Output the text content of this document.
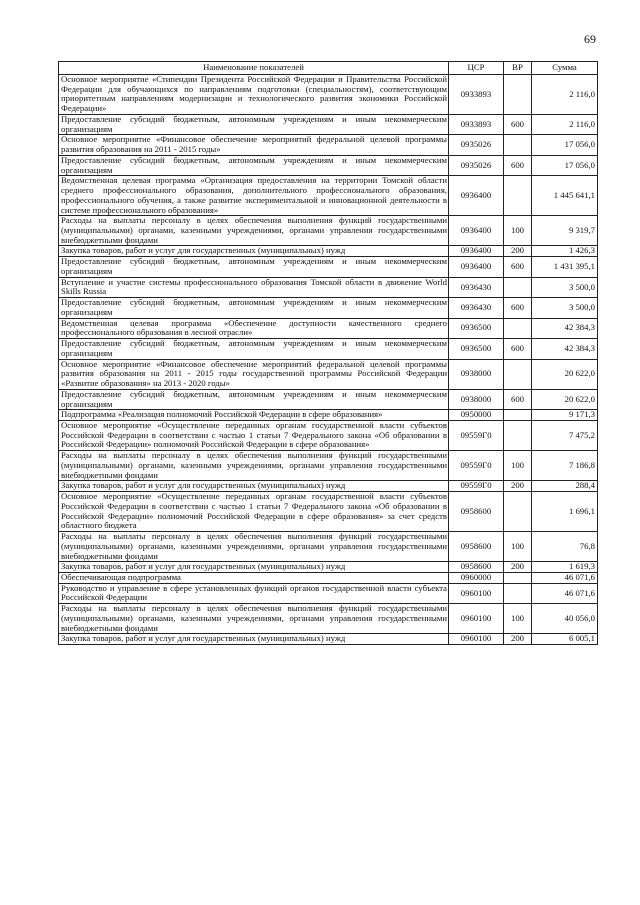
69
Наименование показателей	ЦСР	ВР	Сумма
Основное мероприятие «Стипендии Президента Российской Федерации и Правительства Российской Федерации для обучающихся по направлениям подготовки (специальностям), соответствующим приоритетным направлениям модернизации и технологического развития экономики Российской Федерации»	0933893		2 116,0
Предоставление субсидий бюджетным, автономным учреждениям и иным некоммерческим организациям	0933893	600	2 116,0
Основное мероприятие «Финансовое обеспечение мероприятий федеральной целевой программы развития образования на 2011 - 2015 годы»	0935026		17 056,0
Предоставление субсидий бюджетным, автономным учреждениям и иным некоммерческим организациям	0935026	600	17 056,0
Ведомственная целевая программа «Организация предоставления на территории Томской области среднего профессионального образования, дополнительного профессионального образования, профессионального обучения, а также развитие экспериментальной и инновационной деятельности в системе профессионального образования»	0936400		1 445 641,1
Расходы на выплаты персоналу в целях обеспечения выполнения функций государственными (муниципальными) органами, казенными учреждениями, органами управления государственными внебюджетными фондами	0936400	100	9 319,7
Закупка товаров, работ и услуг для государственных (муниципальных) нужд	0936400	200	1 426,3
Предоставление субсидий бюджетным, автономным учреждениям и иным некоммерческим организациям	0936400	600	1 431 395,1
Вступление и участие системы профессионального образования Томской области в движение World Skills Russia	0936430		3 500,0
Предоставление субсидий бюджетным, автономным учреждениям и иным некоммерческим организациям	0936430	600	3 500,0
Ведомственная целевая программа «Обеспечение доступности качественного среднего профессионального образования в лесной отрасли»	0936500		42 384,3
Предоставление субсидий бюджетным, автономным учреждениям и иным некоммерческим организациям	0936500	600	42 384,3
Основное мероприятие «Финансовое обеспечение мероприятий федеральной целевой программы развития образования на 2011 - 2015 годы государственной программы Российской Федерации «Развитие образования» на 2013 - 2020 годы»	0938000		20 622,0
Предоставление субсидий бюджетным, автономным учреждениям и иным некоммерческим организациям	0938000	600	20 622,0
Подпрограмма «Реализация полномочий Российской Федерации в сфере образования»	0950000		9 171,3
Основное мероприятие «Осуществление переданных органам государственной власти субъектов Российской Федерации в соответствии с частью 1 статьи 7 Федерального закона «Об образовании в Российской Федерации» полномочий Российской Федерации в сфере образования»	09559Г0		7 475,2
Расходы на выплаты персоналу в целях обеспечения выполнения функций государственными (муниципальными) органами, казенными учреждениями, органами управления государственными внебюджетными фондами	09559Г0	100	7 186,8
Закупка товаров, работ и услуг для государственных (муниципальных) нужд	09559Г0	200	288,4
Основное мероприятие «Осуществление переданных органам государственной власти субъектов Российской Федерации в соответствии с частью 1 статьи 7 Федерального закона «Об образовании в Российской Федерации» полномочий Российской Федерации в сфере образования» за счет средств областного бюджета	0958600		1 696,1
Расходы на выплаты персоналу в целях обеспечения выполнения функций государственными (муниципальными) органами, казенными учреждениями, органами управления государственными внебюджетными фондами	0958600	100	76,8
Закупка товаров, работ и услуг для государственных (муниципальных) нужд	0958600	200	1 619,3
Обеспечивающая подпрограмма	0960000		46 071,6
Руководство и управление в сфере установленных функций органов государственной власти субъекта Российской Федерации	0960100		46 071,6
Расходы на выплаты персоналу в целях обеспечения выполнения функций государственными (муниципальными) органами, казенными учреждениями, органами управления государственными внебюджетными фондами	0960100	100	40 056,0
Закупка товаров, работ и услуг для государственных (муниципальных) нужд	0960100	200	6 005,1
